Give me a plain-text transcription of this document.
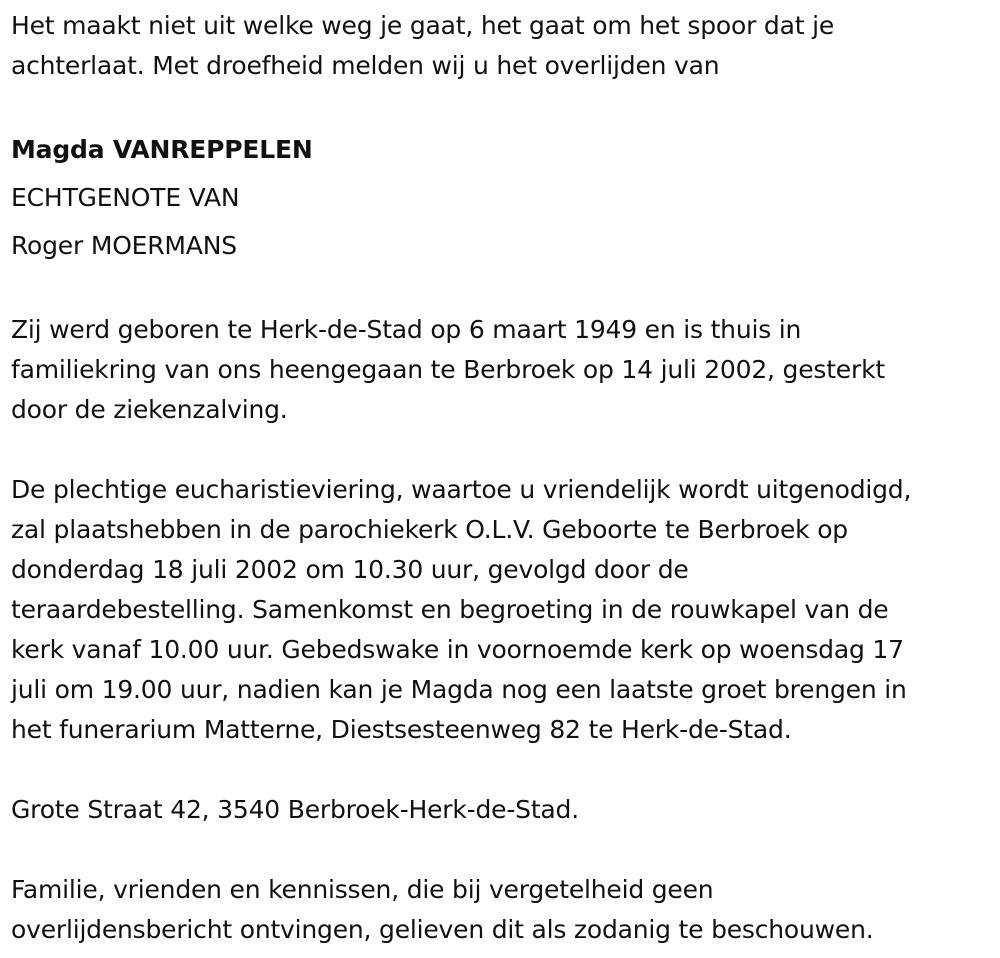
Het maakt niet uit welke weg je gaat, het gaat om het spoor dat je
achterlaat. Met droefheid melden wij u het overlijden van

Magda VANREPPELEN
ECHTGENOTE VAN
Roger MOERMANS

Zij werd geboren te Herk-de-Stad op 6 maart 1949 en is thuis in
familiekring van ons heengegaan te Berbroek op 14 juli 2002, gesterkt
door de ziekenzalving.

De plechtige eucharistieviering, waartoe u vriendelijk wordt uitgenodigd,
zal plaatshebben in de parochiekerk O.L.V. Geboorte te Berbroek op
donderdag 18 juli 2002 om 10.30 uur, gevolgd door de
teraardebestelling. Samenkomst en begroeting in de rouwkapel van de
kerk vanaf 10.00 uur. Gebedswake in voornoemde kerk op woensdag 17
juli om 19.00 uur, nadien kan je Magda nog een laatste groet brengen in
het funerarium Matterne, Diestsesteenweg 82 te Herk-de-Stad.

Grote Straat 42, 3540 Berbroek-Herk-de-Stad.

Familie, vrienden en kennissen, die bij vergetelheid geen
overlijdensbericht ontvingen, gelieven dit als zodanig te beschouwen.
